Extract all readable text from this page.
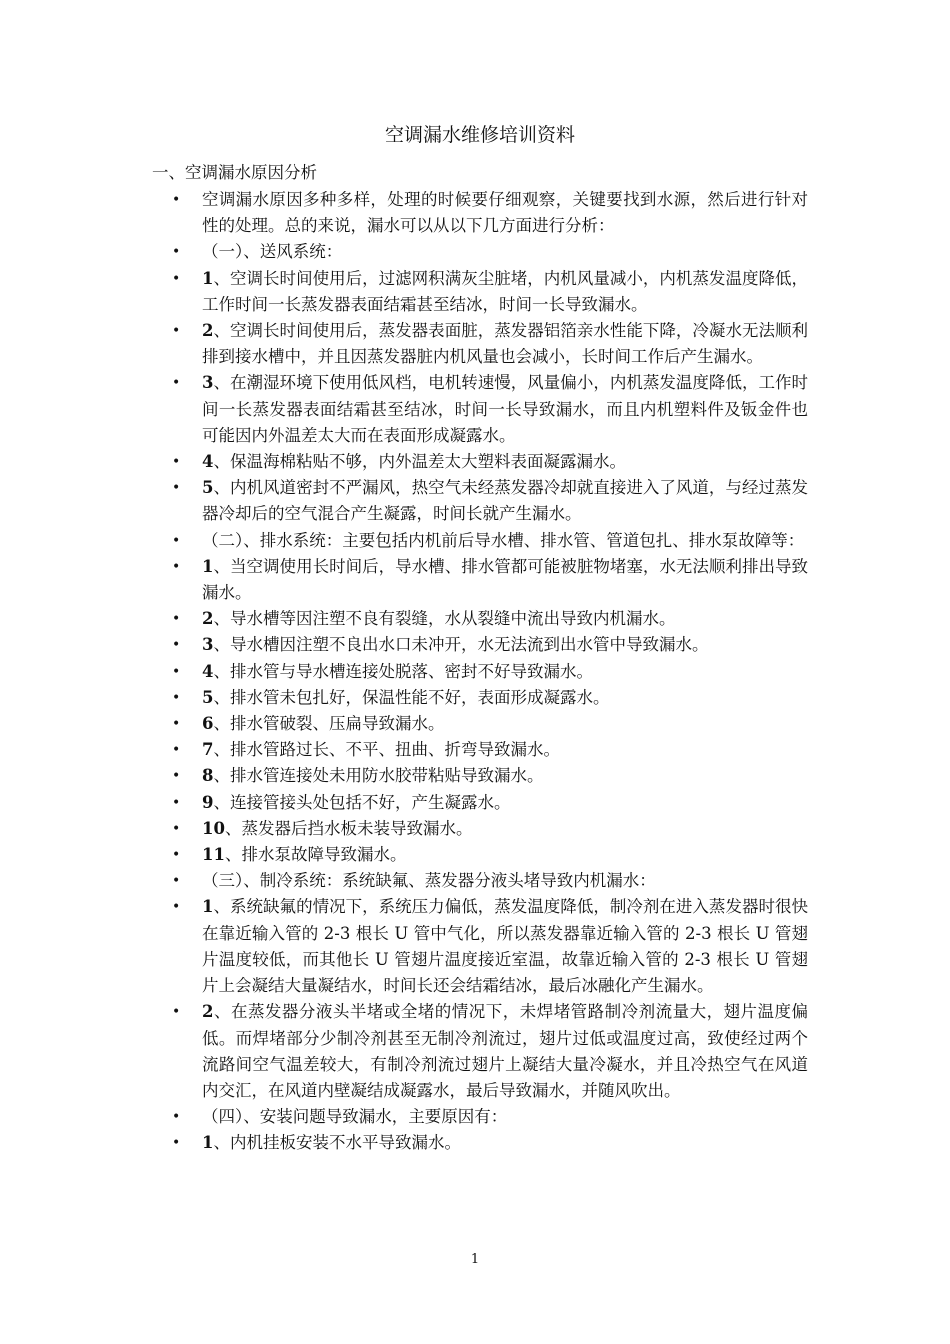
空调漏水维修培训资料
一、空调漏水原因分析
• 空调漏水原因多种多样，处理的时候要仔细观察，关键要找到水源，然后进行针对性的处理。总的来说，漏水可以从以下几方面进行分析：
• （一）、送风系统：
• 1、空调长时间使用后，过滤网积满灰尘脏堵，内机风量减小，内机蒸发温度降低，工作时间一长蒸发器表面结霜甚至结冰，时间一长导致漏水。
• 2、空调长时间使用后，蒸发器表面脏，蒸发器铝箔亲水性能下降，冷凝水无法顺利排到接水槽中，并且因蒸发器脏内机风量也会减小，长时间工作后产生漏水。
• 3、在潮湿环境下使用低风档，电机转速慢，风量偏小，内机蒸发温度降低，工作时间一长蒸发器表面结霜甚至结冰，时间一长导致漏水，而且内机塑料件及钣金件也可能因内外温差太大而在表面形成凝露水。
• 4、保温海棉粘贴不够，内外温差太大塑料表面凝露漏水。
• 5、内机风道密封不严漏风，热空气未经蒸发器冷却就直接进入了风道，与经过蒸发器冷却后的空气混合产生凝露，时间长就产生漏水。
• （二）、排水系统：主要包括内机前后导水槽、排水管、管道包扎、排水泵故障等：
• 1、当空调使用长时间后，导水槽、排水管都可能被脏物堵塞，水无法顺利排出导致漏水。
• 2、导水槽等因注塑不良有裂缝，水从裂缝中流出导致内机漏水。
• 3、导水槽因注塑不良出水口未冲开，水无法流到出水管中导致漏水。
• 4、排水管与导水槽连接处脱落、密封不好导致漏水。
• 5、排水管未包扎好，保温性能不好，表面形成凝露水。
• 6、排水管破裂、压扁导致漏水。
• 7、排水管路过长、不平、扭曲、折弯导致漏水。
• 8、排水管连接处未用防水胶带粘贴导致漏水。
• 9、连接管接头处包括不好，产生凝露水。
• 10、蒸发器后挡水板未装导致漏水。
• 11、排水泵故障导致漏水。
• （三）、制冷系统：系统缺氟、蒸发器分液头堵导致内机漏水：
• 1、系统缺氟的情况下，系统压力偏低，蒸发温度降低，制冷剂在进入蒸发器时很快在靠近输入管的 2-3 根长 U 管中气化，所以蒸发器靠近输入管的 2-3 根长 U 管翅片温度较低，而其他长 U 管翅片温度接近室温，故靠近输入管的 2-3 根长 U 管翅片上会凝结大量凝结水，时间长还会结霜结冰，最后冰融化产生漏水。
• 2、在蒸发器分液头半堵或全堵的情况下，未焊堵管路制冷剂流量大，翅片温度偏低。而焊堵部分少制冷剂甚至无制冷剂流过，翅片过低或温度过高，致使经过两个流路间空气温差较大，有制冷剂流过翅片上凝结大量冷凝水，并且冷热空气在风道内交汇，在风道内壁凝结成凝露水，最后导致漏水，并随风吹出。
• （四）、安装问题导致漏水，主要原因有：
• 1、内机挂板安装不水平导致漏水。
1
